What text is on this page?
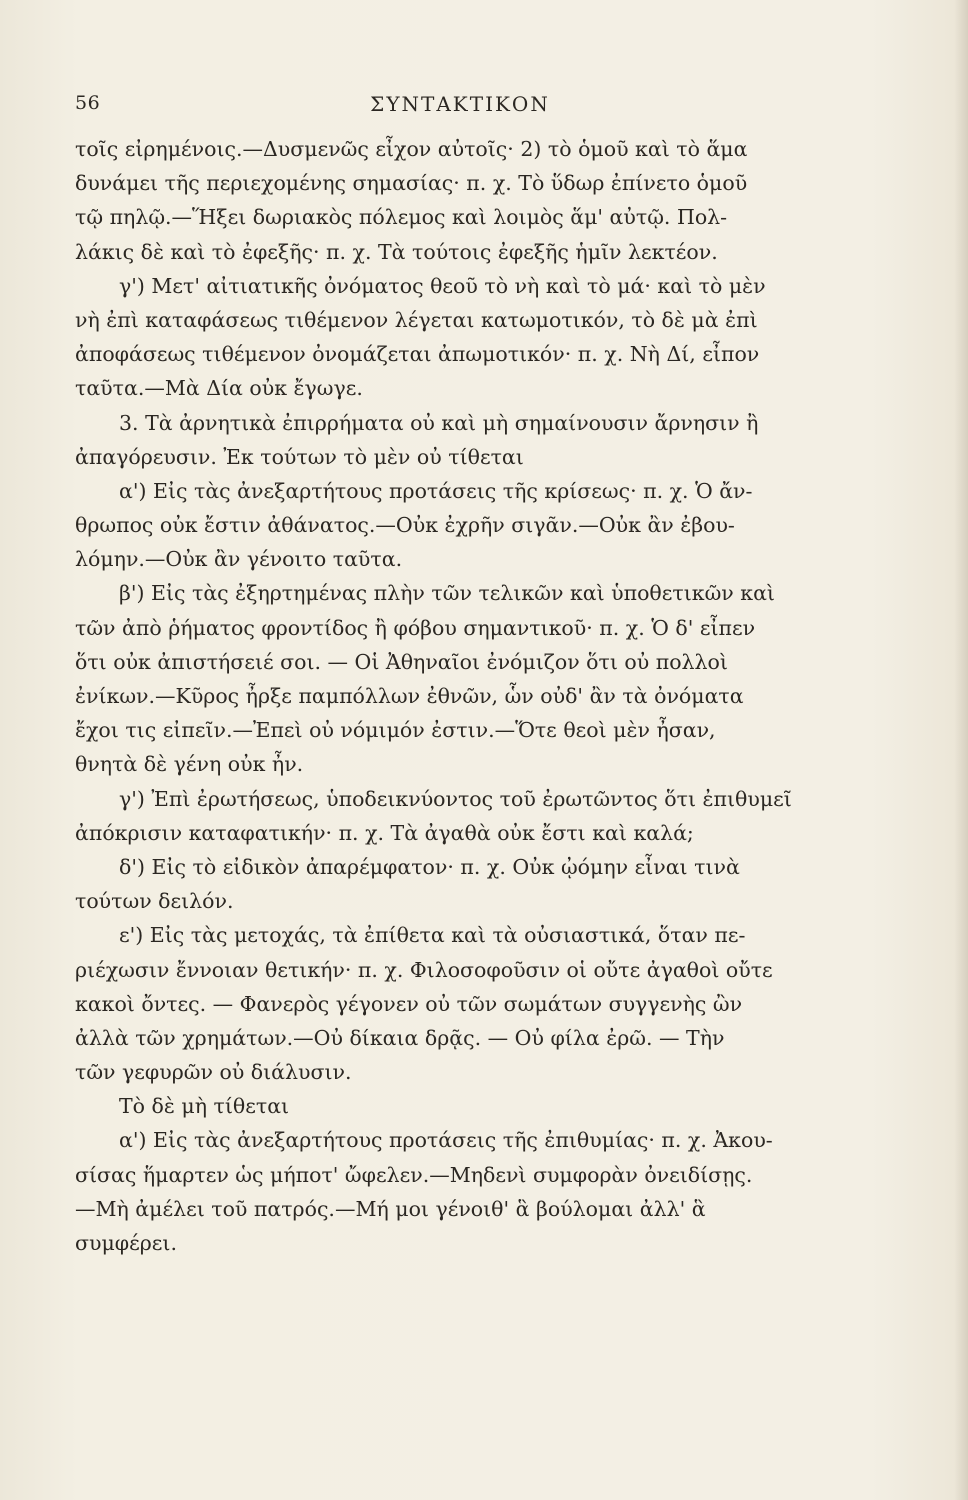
56	ΣΥΝΤΑΚΤΙΚΟΝ
τοῖς εἰρημένοις.—Δυσμενῶς εἶχον αὐτοῖς· 2) τὸ ὁμοῦ καὶ τὸ ἅμα
δυνάμει τῆς περιεχομένης σημασίας· π. χ. Τὸ ὕδωρ ἐπίνετο ὁμοῦ
τῷ πηλῷ.—Ἥξει δωριακὸς πόλεμος καὶ λοιμὸς ἅμ' αὐτῷ. Πολ-
λάκις δὲ καὶ τὸ ἐφεξῆς· π. χ. Τὰ τούτοις ἐφεξῆς ἡμῖν λεκτέον.
γ') Μετ' αἰτιατικῆς ὀνόματος θεοῦ τὸ νὴ καὶ τὸ μά· καὶ τὸ μὲν
νὴ ἐπὶ καταφάσεως τιθέμενον λέγεται κατωμοτικόν, τὸ δὲ μὰ ἐπὶ
ἀποφάσεως τιθέμενον ὀνομάζεται ἀπωμοτικόν· π. χ. Νὴ Δί, εἶπον
ταῦτα.—Μὰ Δία οὐκ ἔγωγε.
3. Τὰ ἀρνητικὰ ἐπιρρήματα οὐ καὶ μὴ σημαίνουσιν ἄρνησιν ἢ
ἀπαγόρευσιν. Ἐκ τούτων τὸ μὲν οὐ τίθεται
α') Εἰς τὰς ἀνεξαρτήτους προτάσεις τῆς κρίσεως· π. χ. Ὁ ἄν-
θρωπος οὐκ ἔστιν ἀθάνατος.—Οὐκ ἐχρῆν σιγᾶν.—Οὐκ ἂν ἐβου-
λόμην.—Οὐκ ἂν γένοιτο ταῦτα.
β') Εἰς τὰς ἐξηρτημένας πλὴν τῶν τελικῶν καὶ ὑποθετικῶν καὶ
τῶν ἀπὸ ῥήματος φροντίδος ἢ φόβου σημαντικοῦ· π. χ. Ὁ δ' εἶπεν
ὅτι οὐκ ἀπιστήσειέ σοι. — Οἱ Ἀθηναῖοι ἐνόμιζον ὅτι οὐ πολλοὶ
ἐνίκων.—Κῦρος ἦρξε παμπόλλων ἐθνῶν, ὧν οὐδ' ἂν τὰ ὀνόματα
ἔχοι τις εἰπεῖν.—Ἐπεὶ οὐ νόμιμόν ἐστιν.—Ὅτε θεοὶ μὲν ἦσαν,
θνητὰ δὲ γένη οὐκ ἦν.
γ') Ἐπὶ ἐρωτήσεως, ὑποδεικνύοντος τοῦ ἐρωτῶντος ὅτι ἐπιθυμεῖ
ἀπόκρισιν καταφατικήν· π. χ. Τὰ ἀγαθὰ οὐκ ἔστι καὶ καλά;
δ') Εἰς τὸ εἰδικὸν ἀπαρέμφατον· π. χ. Οὐκ ᾠόμην εἶναι τινὰ
τούτων δειλόν.
ε') Εἰς τὰς μετοχάς, τὰ ἐπίθετα καὶ τὰ οὐσιαστικά, ὅταν πε-
ριέχωσιν ἔννοιαν θετικήν· π. χ. Φιλοσοφοῦσιν οἱ οὔτε ἀγαθοὶ οὔτε
κακοὶ ὄντες. — Φανερὸς γέγονεν οὐ τῶν σωμάτων συγγενὴς ὢν
ἀλλὰ τῶν χρημάτων.—Οὐ δίκαια δρᾷς. — Οὐ φίλα ἐρῶ. — Τὴν
τῶν γεφυρῶν οὐ διάλυσιν.
Τὸ δὲ μὴ τίθεται
α') Εἰς τὰς ἀνεξαρτήτους προτάσεις τῆς ἐπιθυμίας· π. χ. Ἀκου-
σίσας ἥμαρτεν ὡς μήποτ' ὤφελεν.—Μηδενὶ συμφορὰν ὀνειδίσῃς.
—Μὴ ἀμέλει τοῦ πατρός.—Μή μοι γένοιθ' ἃ βούλομαι ἀλλ' ἃ
συμφέρει.
